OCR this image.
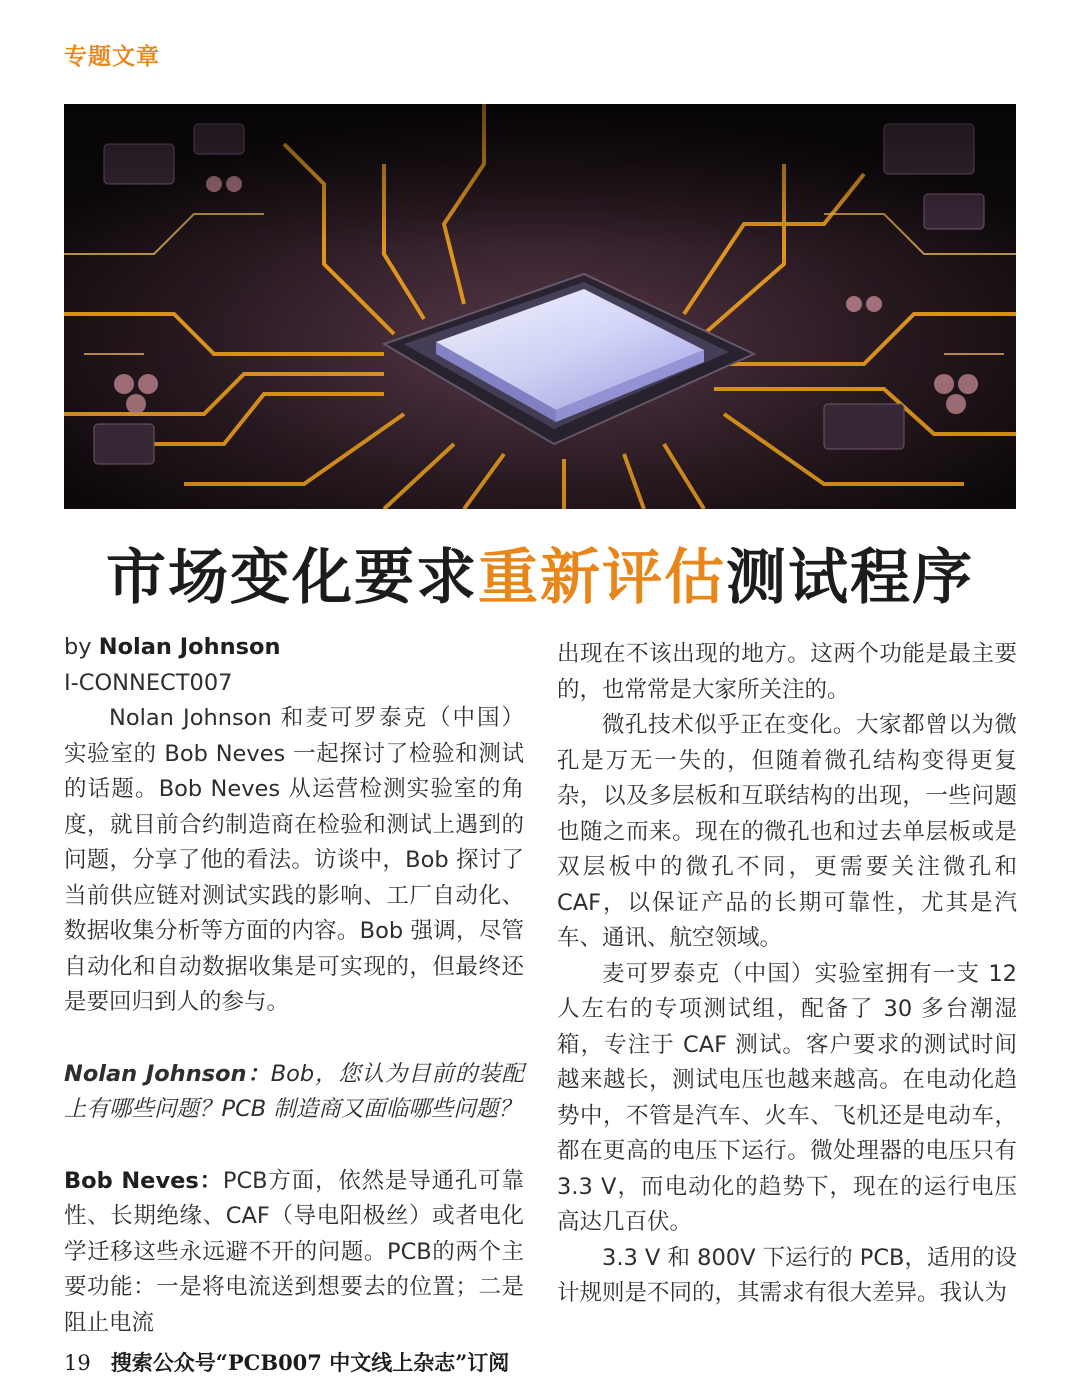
专题文章
市场变化要求重新评估测试程序

by Nolan Johnson

I-CONNECT007

Nolan Johnson 和麦可罗泰克（中国）实验室的 Bob Neves 一起探讨了检验和测试的话题。Bob Neves 从运营检测实验室的角度，就目前合约制造商在检验和测试上遇到的问题，分享了他的看法。访谈中，Bob 探讨了当前供应链对测试实践的影响、工厂自动化、数据收集分析等方面的内容。Bob 强调，尽管自动化和自动数据收集是可实现的，但最终还是要回归到人的参与。

Nolan Johnson：Bob，您认为目前的装配上有哪些问题？PCB 制造商又面临哪些问题？

Bob Neves：PCB方面，依然是导通孔可靠性、长期绝缘、CAF（导电阳极丝）或者电化学迁移这些永远避不开的问题。PCB的两个主要功能：一是将电流送到想要去的位置；二是阻止电流

出现在不该出现的地方。这两个功能是最主要的，也常常是大家所关注的。

微孔技术似乎正在变化。大家都曾以为微孔是万无一失的，但随着微孔结构变得更复杂，以及多层板和互联结构的出现，一些问题也随之而来。现在的微孔也和过去单层板或是双层板中的微孔不同，更需要关注微孔和 CAF，以保证产品的长期可靠性，尤其是汽车、通讯、航空领域。

麦可罗泰克（中国）实验室拥有一支 12 人左右的专项测试组，配备了 30 多台潮湿箱，专注于 CAF 测试。客户要求的测试时间越来越长，测试电压也越来越高。在电动化趋势中，不管是汽车、火车、飞机还是电动车，都在更高的电压下运行。微处理器的电压只有 3.3 V，而电动化的趋势下，现在的运行电压高达几百伏。

3.3 V 和 800V 下运行的 PCB，适用的设计规则是不同的，其需求有很大差异。我认为

19 搜索公众号“PCB007 中文线上杂志”订阅
